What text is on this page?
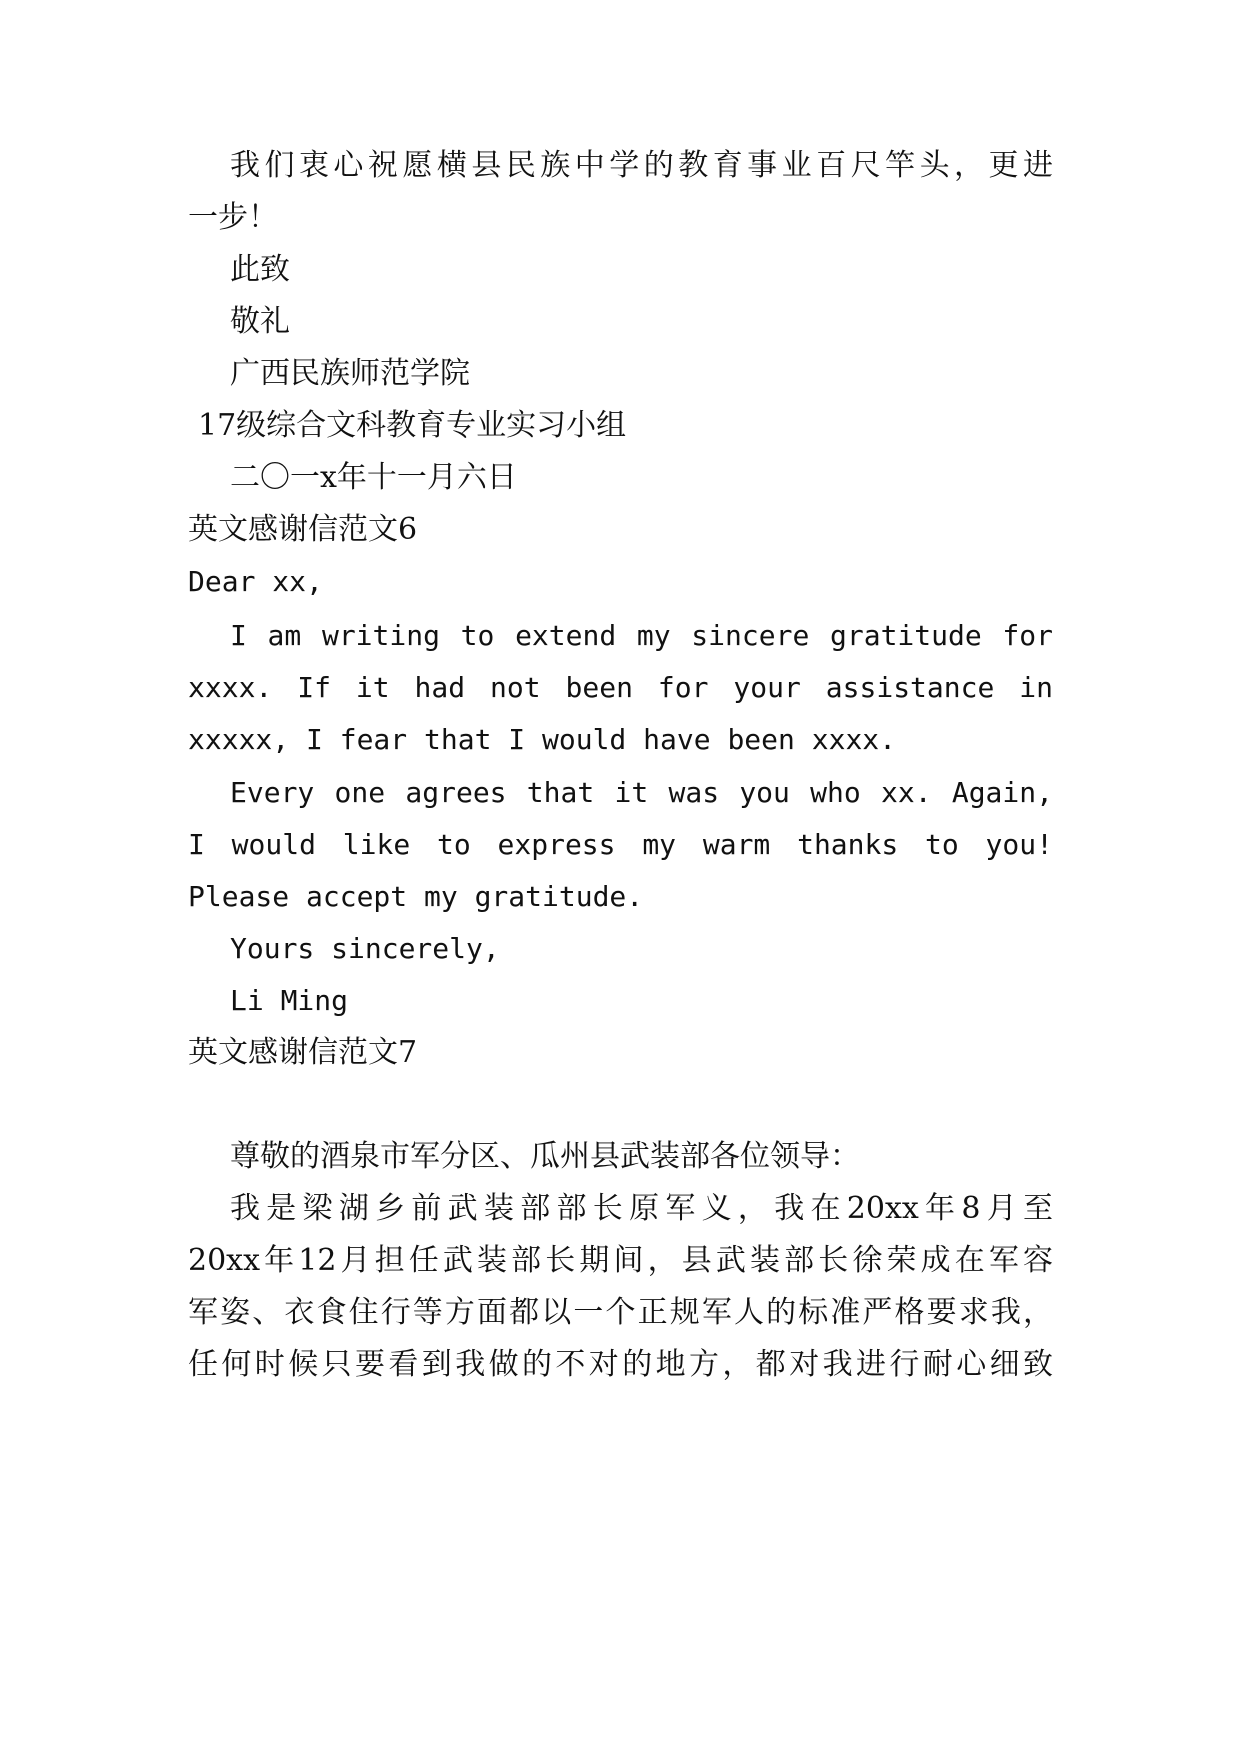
我们衷心祝愿横县民族中学的教育事业百尺竿头，更进

一步！

此致

敬礼

广西民族师范学院

17级综合文科教育专业实习小组

二〇一x年十一月六日

英文感谢信范文6

Dear xx,

I am writing to extend my sincere gratitude for

xxxx. If it had not been for your assistance in

xxxxx, I fear that I would have been xxxx.

Every one agrees that it was you who xx. Again,

I would like to express my warm thanks to you!

Please accept my gratitude.

Yours sincerely,

Li Ming

英文感谢信范文7

尊敬的酒泉市军分区、瓜州县武装部各位领导：

我是梁湖乡前武装部部长原军义，我在20xx年8月至

20xx年12月担任武装部长期间，县武装部长徐荣成在军容

军姿、衣食住行等方面都以一个正规军人的标准严格要求我，

任何时候只要看到我做的不对的地方，都对我进行耐心细致
